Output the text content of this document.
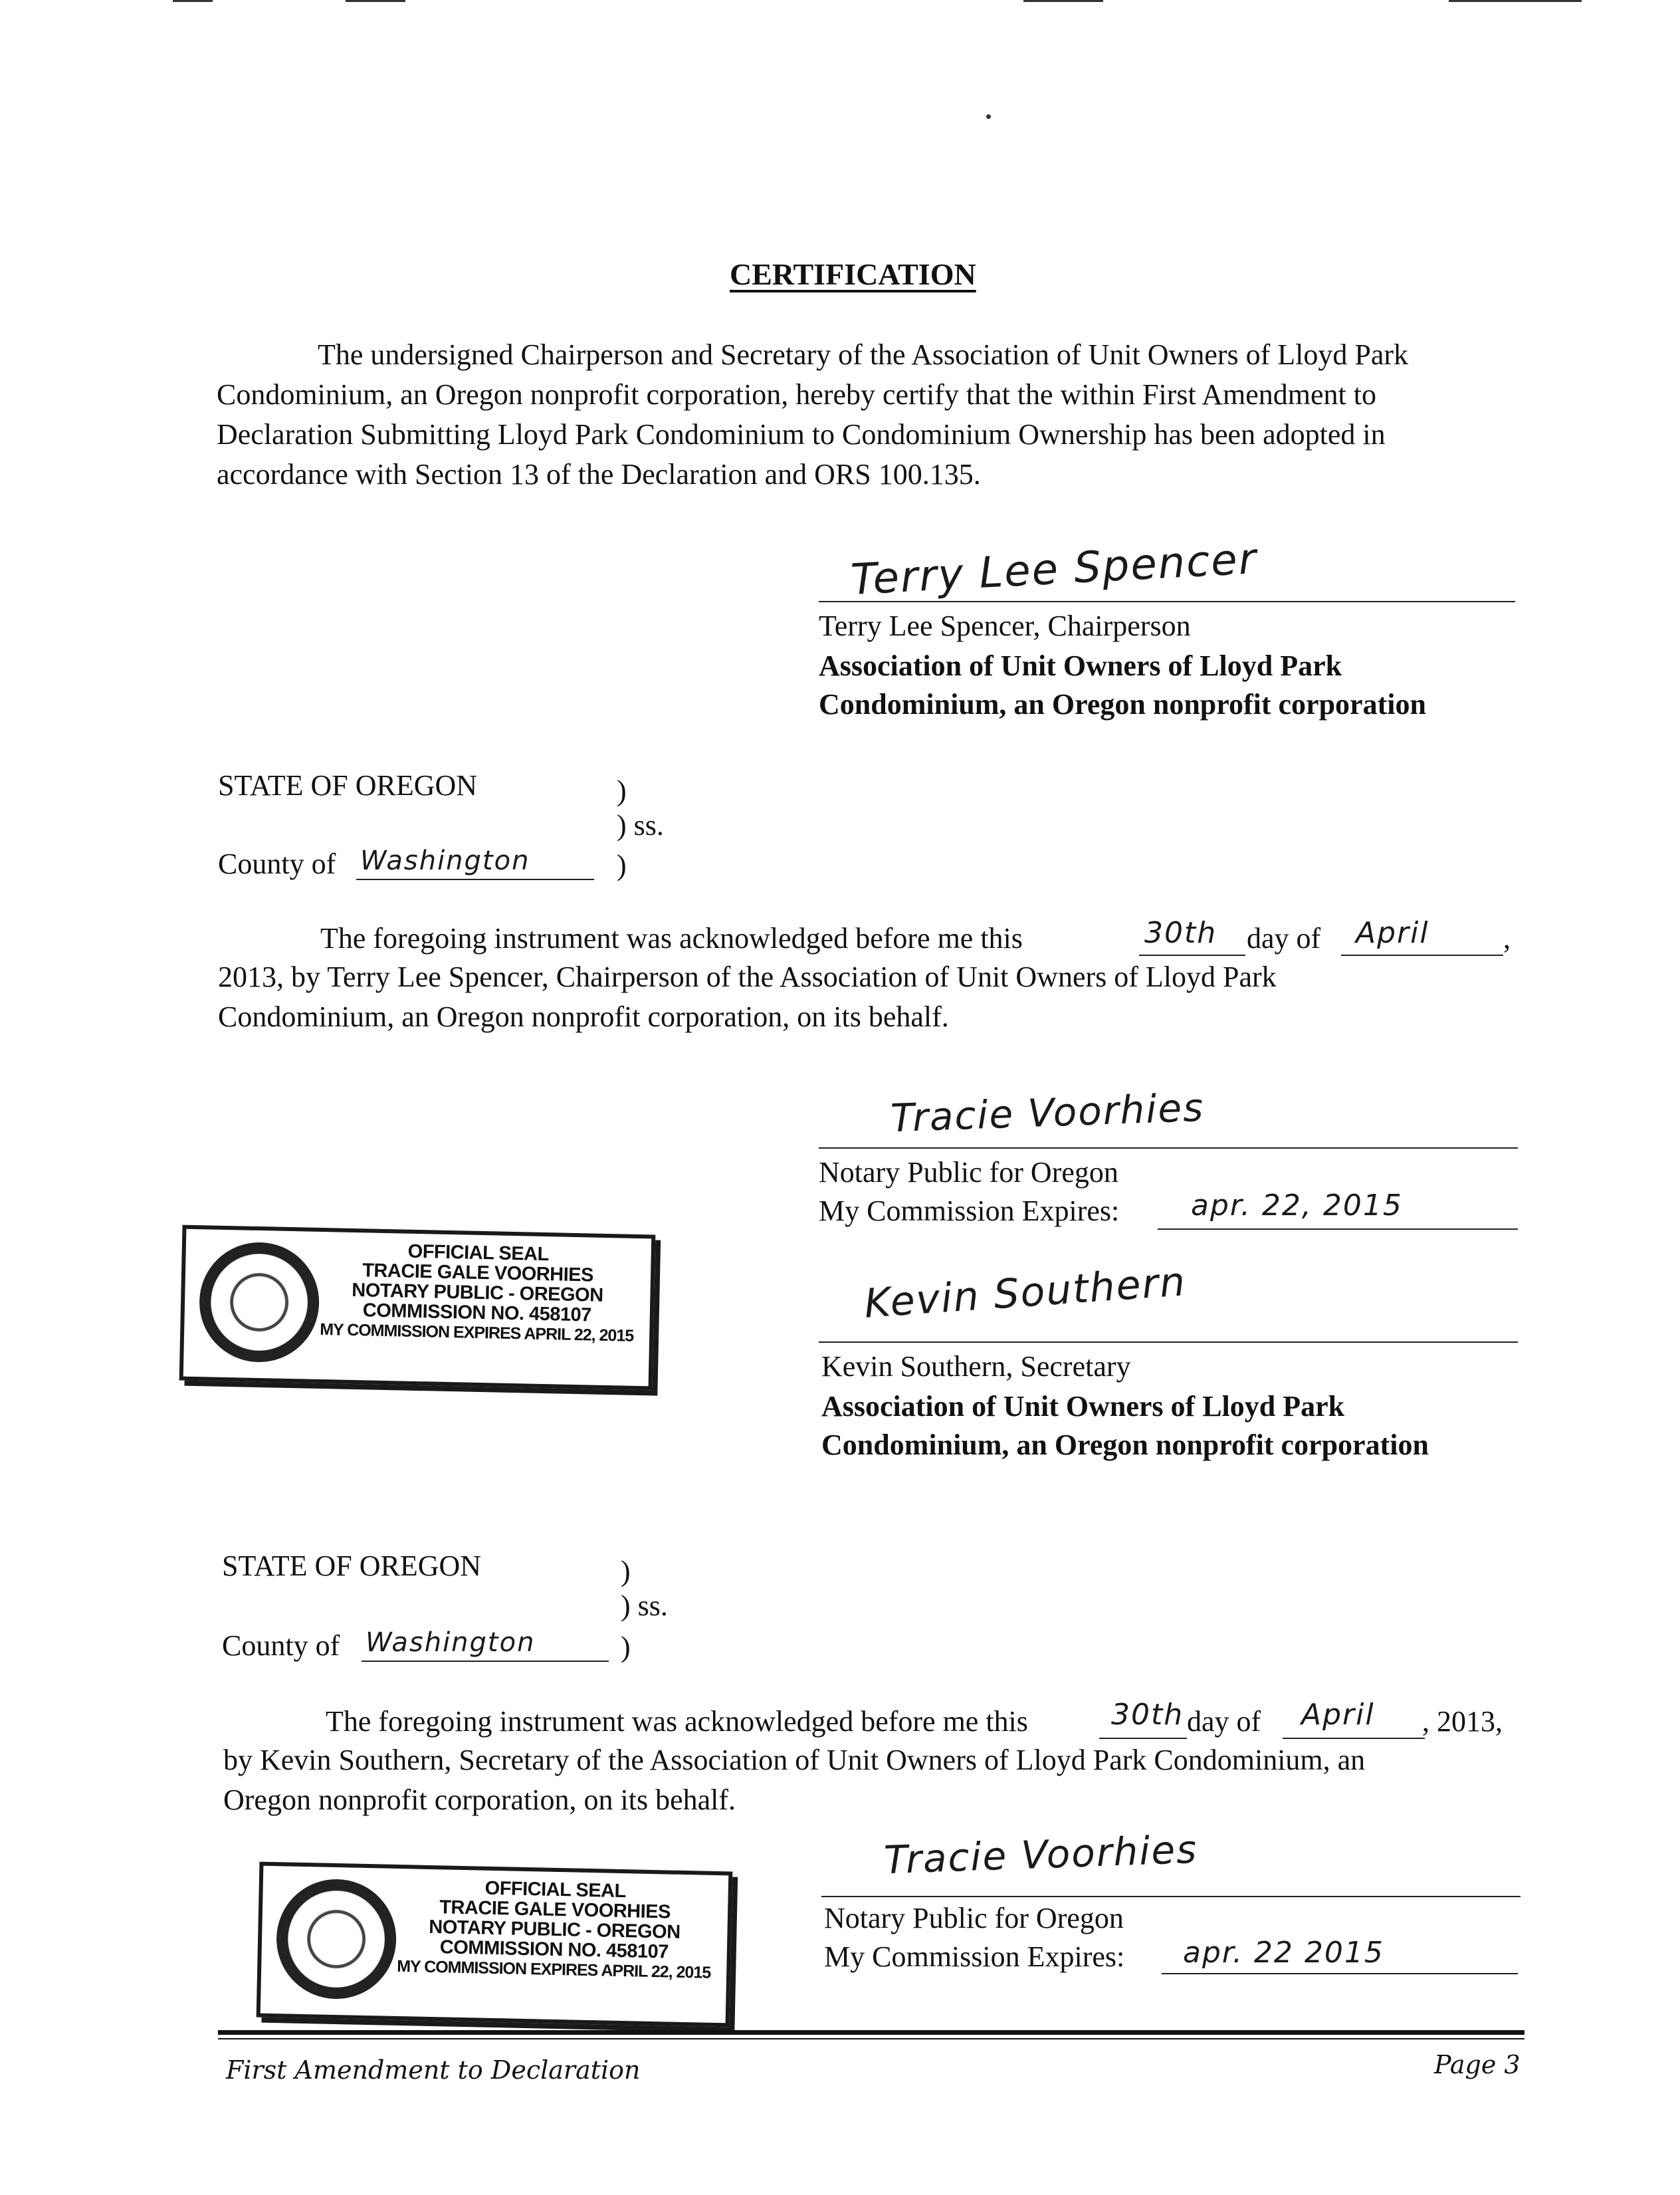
CERTIFICATION
The undersigned Chairperson and Secretary of the Association of Unit Owners of Lloyd Park
Condominium, an Oregon nonprofit corporation, hereby certify that the within First Amendment to
Declaration Submitting Lloyd Park Condominium to Condominium Ownership has been adopted in
accordance with Section 13 of the Declaration and ORS 100.135.
Terry Lee Spencer
Terry Lee Spencer, Chairperson
Association of Unit Owners of Lloyd Park
Condominium, an Oregon nonprofit corporation
STATE OF OREGON	)
) ss.
County of Washington	)
The foregoing instrument was acknowledged before me this	30th day of April	,
2013, by Terry Lee Spencer, Chairperson of the Association of Unit Owners of Lloyd Park
Condominium, an Oregon nonprofit corporation, on its behalf.
Tracie Voorhies
Notary Public for Oregon
My Commission Expires: apr. 22, 2015
OFFICIAL SEAL
TRACIE GALE VOORHIES
NOTARY PUBLIC - OREGON
COMMISSION NO. 458107
MY COMMISSION EXPIRES APRIL 22, 2015
Kevin Southern
Kevin Southern, Secretary
Association of Unit Owners of Lloyd Park
Condominium, an Oregon nonprofit corporation
STATE OF OREGON	)
) ss.
County of Washington	)
The foregoing instrument was acknowledged before me this	30th day of April , 2013,
by Kevin Southern, Secretary of the Association of Unit Owners of Lloyd Park Condominium, an
Oregon nonprofit corporation, on its behalf.
Tracie Voorhies
Notary Public for Oregon
My Commission Expires: apr. 22 2015
OFFICIAL SEAL
TRACIE GALE VOORHIES
NOTARY PUBLIC - OREGON
COMMISSION NO. 458107
MY COMMISSION EXPIRES APRIL 22, 2015
First Amendment to Declaration	Page 3
